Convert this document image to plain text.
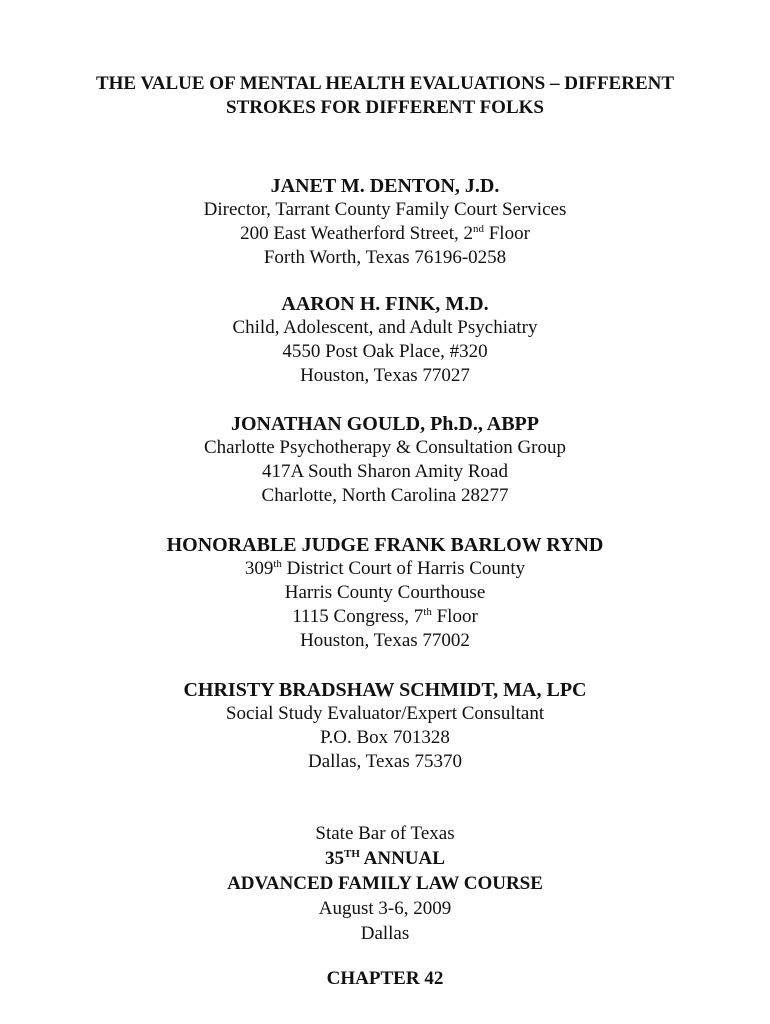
THE VALUE OF MENTAL HEALTH EVALUATIONS – DIFFERENT
STROKES FOR DIFFERENT FOLKS
JANET M. DENTON, J.D.
Director, Tarrant County Family Court Services
200 East Weatherford Street, 2nd Floor
Forth Worth, Texas 76196-0258
AARON H. FINK, M.D.
Child, Adolescent, and Adult Psychiatry
4550 Post Oak Place, #320
Houston, Texas 77027
JONATHAN GOULD, Ph.D., ABPP
Charlotte Psychotherapy & Consultation Group
417A South Sharon Amity Road
Charlotte, North Carolina 28277
HONORABLE JUDGE FRANK BARLOW RYND
309th District Court of Harris County
Harris County Courthouse
1115 Congress, 7th Floor
Houston, Texas 77002
CHRISTY BRADSHAW SCHMIDT, MA, LPC
Social Study Evaluator/Expert Consultant
P.O. Box 701328
Dallas, Texas 75370
State Bar of Texas
35TH ANNUAL
ADVANCED FAMILY LAW COURSE
August 3-6, 2009
Dallas
CHAPTER 42
